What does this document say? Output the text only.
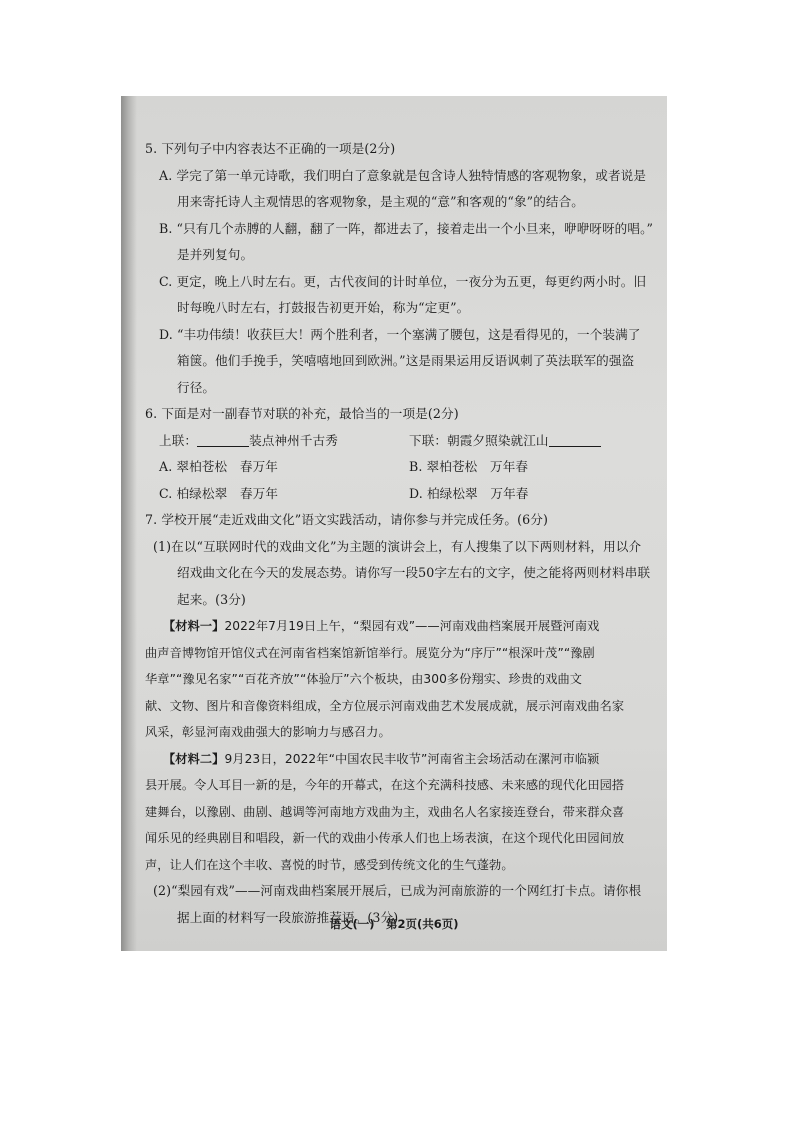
5. 下列句子中内容表达不正确的一项是(2分)

A. 学完了第一单元诗歌，我们明白了意象就是包含诗人独特情感的客观物象，或者说是

用来寄托诗人主观情思的客观物象，是主观的“意”和客观的“象”的结合。

B. “只有几个赤膊的人翻，翻了一阵，都进去了，接着走出一个小旦来，咿咿呀呀的唱。”

是并列复句。

C. 更定，晚上八时左右。更，古代夜间的计时单位，一夜分为五更，每更约两小时。旧

时每晚八时左右，打鼓报告初更开始，称为“定更”。

D. “丰功伟绩！收获巨大！两个胜利者，一个塞满了腰包，这是看得见的，一个装满了

箱箧。他们手挽手，笑嘻嘻地回到欧洲。”这是雨果运用反语讽刺了英法联军的强盗

行径。

6. 下面是对一副春节对联的补充，最恰当的一项是(2分)

上联：	装点神州千古秀	下联：朝霞夕照染就江山
A. 翠柏苍松　春万年	B. 翠柏苍松　万年春
C. 柏绿松翠　春万年	D. 柏绿松翠　万年春

7. 学校开展“走近戏曲文化”语文实践活动，请你参与并完成任务。(6分)

(1)在以“互联网时代的戏曲文化”为主题的演讲会上，有人搜集了以下两则材料，用以介

绍戏曲文化在今天的发展态势。请你写一段50字左右的文字，使之能将两则材料串联

起来。(3分)

【材料一】2022年7月19日上午，“梨园有戏”——河南戏曲档案展开展暨河南戏
曲声音博物馆开馆仪式在河南省档案馆新馆举行。展览分为“序厅”“根深叶茂”“豫剧
华章”“豫见名家”“百花齐放”“体验厅”六个板块，由300多份翔实、珍贵的戏曲文
献、文物、图片和音像资料组成，全方位展示河南戏曲艺术发展成就，展示河南戏曲名家
风采，彰显河南戏曲强大的影响力与感召力。
【材料二】9月23日，2022年“中国农民丰收节”河南省主会场活动在漯河市临颍
县开展。令人耳目一新的是，今年的开幕式，在这个充满科技感、未来感的现代化田园搭
建舞台，以豫剧、曲剧、越调等河南地方戏曲为主，戏曲名人名家接连登台，带来群众喜
闻乐见的经典剧目和唱段，新一代的戏曲小传承人们也上场表演，在这个现代化田园间放
声，让人们在这个丰收、喜悦的时节，感受到传统文化的生气蓬勃。

(2)“梨园有戏”——河南戏曲档案展开展后，已成为河南旅游的一个网红打卡点。请你根

据上面的材料写一段旅游推荐语。(3分)

语文(一)　第2页(共6页)
